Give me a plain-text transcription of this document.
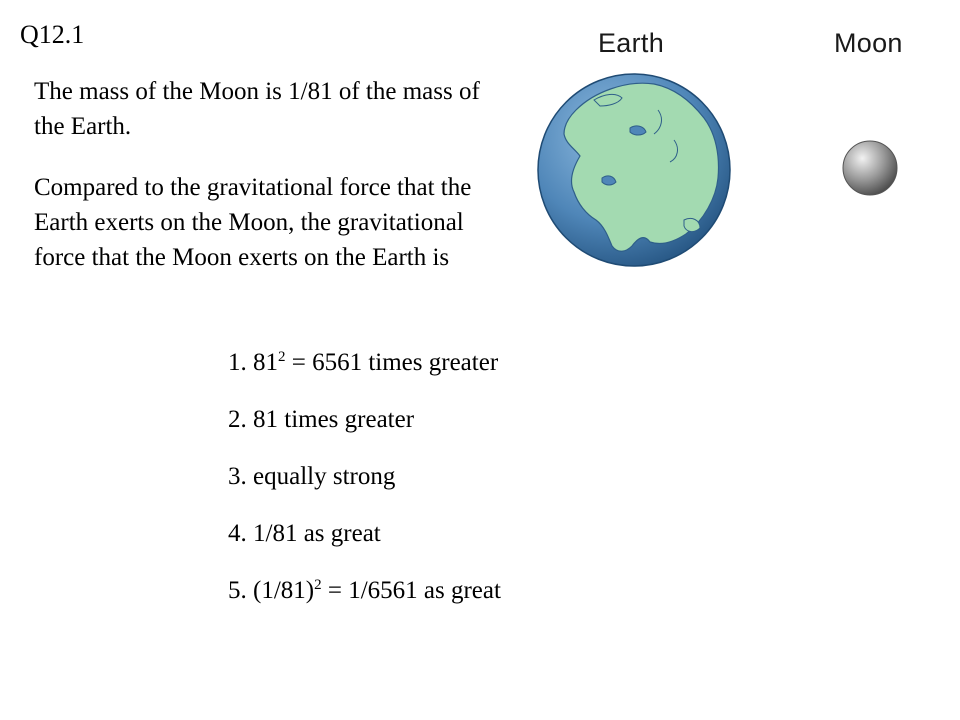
Q12.1
The mass of the Moon is 1/81 of the mass of the Earth.
Compared to the gravitational force that the Earth exerts on the Moon, the gravitational force that the Moon exerts on the Earth is
Earth	Moon
1. $81^2 = 6561$ times greater
2. 81 times greater
3. equally strong
4. 1/81 as great
5. $(1/81)^2 = 1/6561$ as great
